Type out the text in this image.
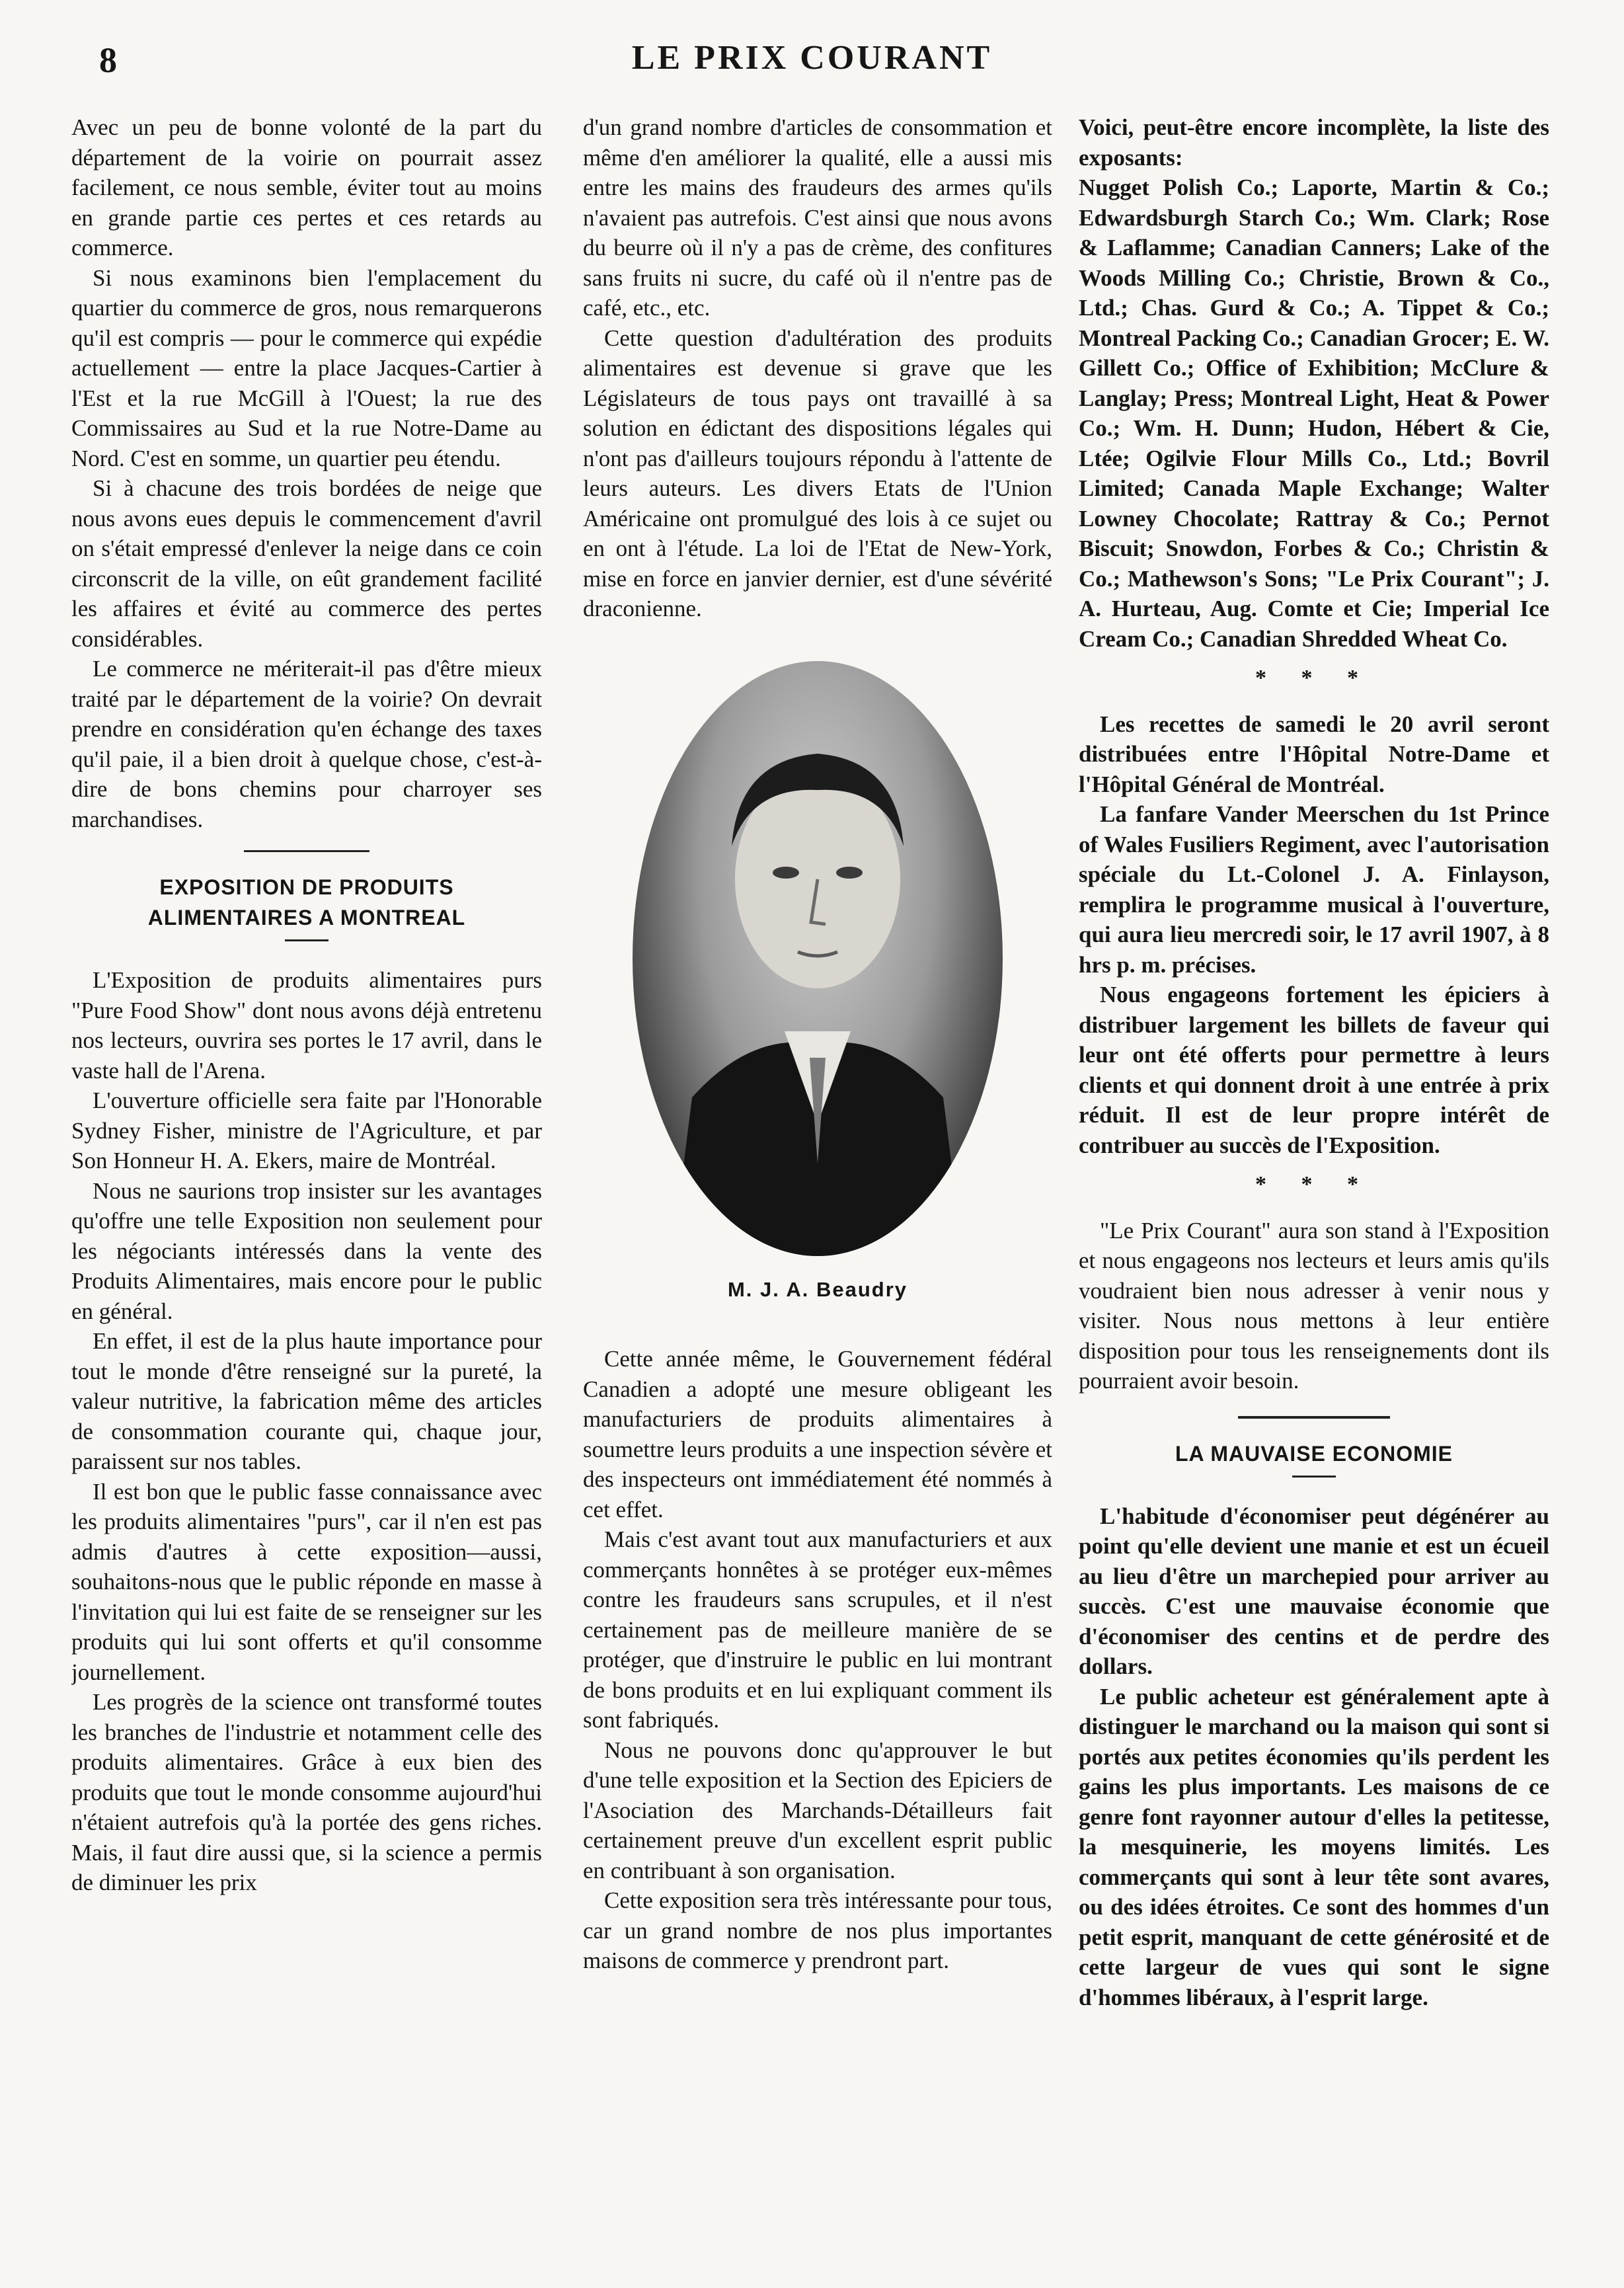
8	LE PRIX COURANT

Avec un peu de bonne volonté de la part du département de la voirie on pourrait assez facilement, ce nous semble, éviter tout au moins en grande partie ces pertes et ces retards au commerce.

Si nous examinons bien l'emplacement du quartier du commerce de gros, nous remarquerons qu'il est compris — pour le commerce qui expédie actuellement — entre la place Jacques-Cartier à l'Est et la rue McGill à l'Ouest; la rue des Commissaires au Sud et la rue Notre-Dame au Nord. C'est en somme, un quartier peu étendu.

Si à chacune des trois bordées de neige que nous avons eues depuis le commencement d'avril on s'était empressé d'enlever la neige dans ce coin circonscrit de la ville, on eût grandement facilité les affaires et évité au commerce des pertes considérables.

Le commerce ne mériterait-il pas d'être mieux traité par le département de la voirie? On devrait prendre en considération qu'en échange des taxes qu'il paie, il a bien droit à quelque chose, c'est-à-dire de bons chemins pour charroyer ses marchandises.

EXPOSITION DE PRODUITS ALIMENTAIRES A MONTREAL

L'Exposition de produits alimentaires purs "Pure Food Show" dont nous avons déjà entretenu nos lecteurs, ouvrira ses portes le 17 avril, dans le vaste hall de l'Arena.

L'ouverture officielle sera faite par l'Honorable Sydney Fisher, ministre de l'Agriculture, et par Son Honneur H. A. Ekers, maire de Montréal.

Nous ne saurions trop insister sur les avantages qu'offre une telle Exposition non seulement pour les négociants intéressés dans la vente des Produits Alimentaires, mais encore pour le public en général.

En effet, il est de la plus haute importance pour tout le monde d'être renseigné sur la pureté, la valeur nutritive, la fabrication même des articles de consommation courante qui, chaque jour, paraissent sur nos tables.

Il est bon que le public fasse connaissance avec les produits alimentaires "purs", car il n'en est pas admis d'autres à cette exposition—aussi, souhaitons-nous que le public réponde en masse à l'invitation qui lui est faite de se renseigner sur les produits qui lui sont offerts et qu'il consomme journellement.

Les progrès de la science ont transformé toutes les branches de l'industrie et notamment celle des produits alimentaires. Grâce à eux bien des produits que tout le monde consomme aujourd'hui n'étaient autrefois qu'à la portée des gens riches. Mais, il faut dire aussi que, si la science a permis de diminuer les prix

d'un grand nombre d'articles de consommation et même d'en améliorer la qualité, elle a aussi mis entre les mains des fraudeurs des armes qu'ils n'avaient pas autrefois. C'est ainsi que nous avons du beurre où il n'y a pas de crème, des confitures sans fruits ni sucre, du café où il n'entre pas de café, etc., etc.

Cette question d'adultération des produits alimentaires est devenue si grave que les Législateurs de tous pays ont travaillé à sa solution en édictant des dispositions légales qui n'ont pas d'ailleurs toujours répondu à l'attente de leurs auteurs. Les divers Etats de l'Union Américaine ont promulgué des lois à ce sujet ou en ont à l'étude. La loi de l'Etat de New-York, mise en force en janvier dernier, est d'une sévérité draconienne.

M. J. A. Beaudry

Cette année même, le Gouvernement fédéral Canadien a adopté une mesure obligeant les manufacturiers de produits alimentaires à soumettre leurs produits a une inspection sévère et des inspecteurs ont immédiatement été nommés à cet effet.

Mais c'est avant tout aux manufacturiers et aux commerçants honnêtes à se protéger eux-mêmes contre les fraudeurs sans scrupules, et il n'est certainement pas de meilleure manière de se protéger, que d'instruire le public en lui montrant de bons produits et en lui expliquant comment ils sont fabriqués.

Nous ne pouvons donc qu'approuver le but d'une telle exposition et la Section des Epiciers de l'Asociation des Marchands-Détailleurs fait certainement preuve d'un excellent esprit public en contribuant à son organisation.

Cette exposition sera très intéressante pour tous, car un grand nombre de nos plus importantes maisons de commerce y prendront part.

Voici, peut-être encore incomplète, la liste des exposants:

Nugget Polish Co.; Laporte, Martin & Co.; Edwardsburgh Starch Co.; Wm. Clark; Rose & Laflamme; Canadian Canners; Lake of the Woods Milling Co.; Christie, Brown & Co., Ltd.; Chas. Gurd & Co.; A. Tippet & Co.; Montreal Packing Co.; Canadian Grocer; E. W. Gillett Co.; Office of Exhibition; McClure & Langlay; Press; Montreal Light, Heat & Power Co.; Wm. H. Dunn; Hudon, Hébert & Cie, Ltée; Ogilvie Flour Mills Co., Ltd.; Bovril Limited; Canada Maple Exchange; Walter Lowney Chocolate; Rattray & Co.; Pernot Biscuit; Snowdon, Forbes & Co.; Christin & Co.; Mathewson's Sons; "Le Prix Courant"; J. A. Hurteau, Aug. Comte et Cie; Imperial Ice Cream Co.; Canadian Shredded Wheat Co.

* * *

Les recettes de samedi le 20 avril seront distribuées entre l'Hôpital Notre-Dame et l'Hôpital Général de Montréal.

La fanfare Vander Meerschen du 1st Prince of Wales Fusiliers Regiment, avec l'autorisation spéciale du Lt.-Colonel J. A. Finlayson, remplira le programme musical à l'ouverture, qui aura lieu mercredi soir, le 17 avril 1907, à 8 hrs p. m. précises.

Nous engageons fortement les épiciers à distribuer largement les billets de faveur qui leur ont été offerts pour permettre à leurs clients et qui donnent droit à une entrée à prix réduit. Il est de leur propre intérêt de contribuer au succès de l'Exposition.

* * *

"Le Prix Courant" aura son stand à l'Exposition et nous engageons nos lecteurs et leurs amis qu'ils voudraient bien nous adresser à venir nous y visiter. Nous nous mettons à leur entière disposition pour tous les renseignements dont ils pourraient avoir besoin.

LA MAUVAISE ECONOMIE

L'habitude d'économiser peut dégénérer au point qu'elle devient une manie et est un écueil au lieu d'être un marchepied pour arriver au succès. C'est une mauvaise économie que d'économiser des centins et de perdre des dollars.

Le public acheteur est généralement apte à distinguer le marchand ou la maison qui sont si portés aux petites économies qu'ils perdent les gains les plus importants. Les maisons de ce genre font rayonner autour d'elles la petitesse, la mesquinerie, les moyens limités. Les commerçants qui sont à leur tête sont avares, ou des idées étroites. Ce sont des hommes d'un petit esprit, manquant de cette générosité et de cette largeur de vues qui sont le signe d'hommes libéraux, à l'esprit large.
